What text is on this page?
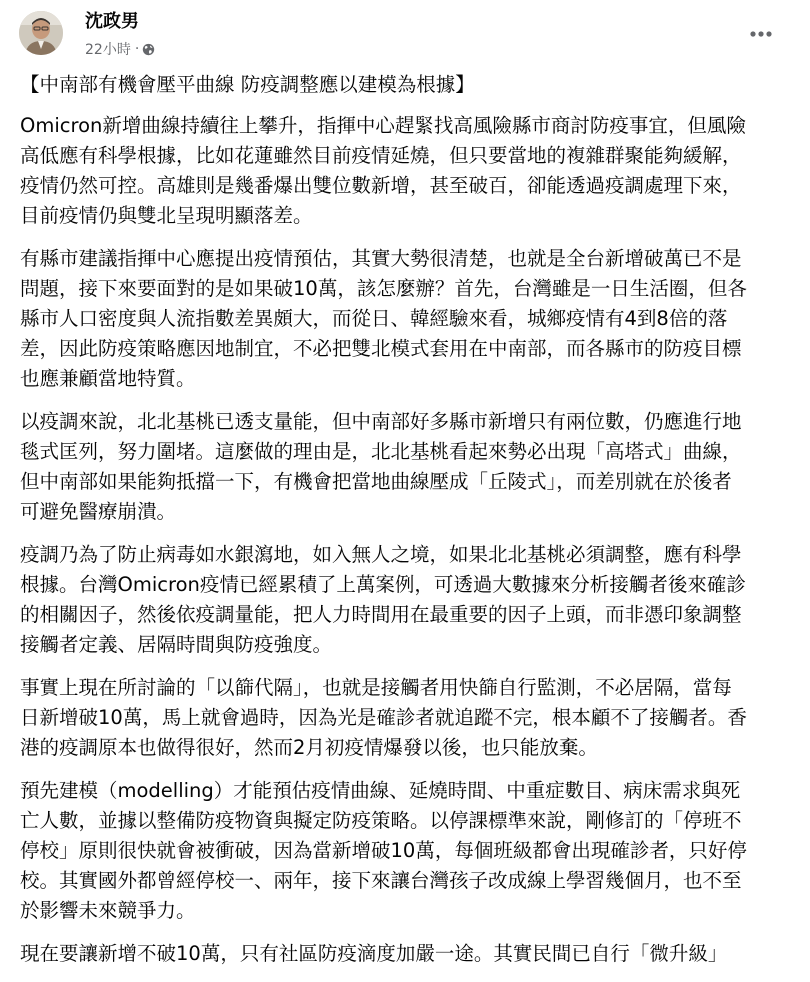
沈政男
22小時 ·
【中南部有機會壓平曲線 防疫調整應以建模為根據】
Omicron新增曲線持續往上攀升，指揮中心趕緊找高風險縣市商討防疫事宜，但風險
高低應有科學根據，比如花蓮雖然目前疫情延燒，但只要當地的複雜群聚能夠緩解，
疫情仍然可控。高雄則是幾番爆出雙位數新增，甚至破百，卻能透過疫調處理下來，
目前疫情仍與雙北呈現明顯落差。
有縣市建議指揮中心應提出疫情預估，其實大勢很清楚，也就是全台新增破萬已不是
問題，接下來要面對的是如果破10萬，該怎麼辦？首先，台灣雖是一日生活圈，但各
縣市人口密度與人流指數差異頗大，而從日、韓經驗來看，城鄉疫情有4到8倍的落
差，因此防疫策略應因地制宜，不必把雙北模式套用在中南部，而各縣市的防疫目標
也應兼顧當地特質。
以疫調來說，北北基桃已透支量能，但中南部好多縣市新增只有兩位數，仍應進行地
毯式匡列，努力圍堵。這麼做的理由是，北北基桃看起來勢必出現「高塔式」曲線，
但中南部如果能夠抵擋一下，有機會把當地曲線壓成「丘陵式」，而差別就在於後者
可避免醫療崩潰。
疫調乃為了防止病毒如水銀瀉地，如入無人之境，如果北北基桃必須調整，應有科學
根據。台灣Omicron疫情已經累積了上萬案例，可透過大數據來分析接觸者後來確診
的相關因子，然後依疫調量能，把人力時間用在最重要的因子上頭，而非憑印象調整
接觸者定義、居隔時間與防疫強度。
事實上現在所討論的「以篩代隔」，也就是接觸者用快篩自行監測，不必居隔，當每
日新增破10萬，馬上就會過時，因為光是確診者就追蹤不完，根本顧不了接觸者。香
港的疫調原本也做得很好，然而2月初疫情爆發以後，也只能放棄。
預先建模（modelling）才能預估疫情曲線、延燒時間、中重症數目、病床需求與死
亡人數，並據以整備防疫物資與擬定防疫策略。以停課標準來說，剛修訂的「停班不
停校」原則很快就會被衝破，因為當新增破10萬，每個班級都會出現確診者，只好停
校。其實國外都曾經停校一、兩年，接下來讓台灣孩子改成線上學習幾個月，也不至
於影響未來競爭力。
現在要讓新增不破10萬，只有社區防疫滴度加嚴一途。其實民間已自行「微升級」
